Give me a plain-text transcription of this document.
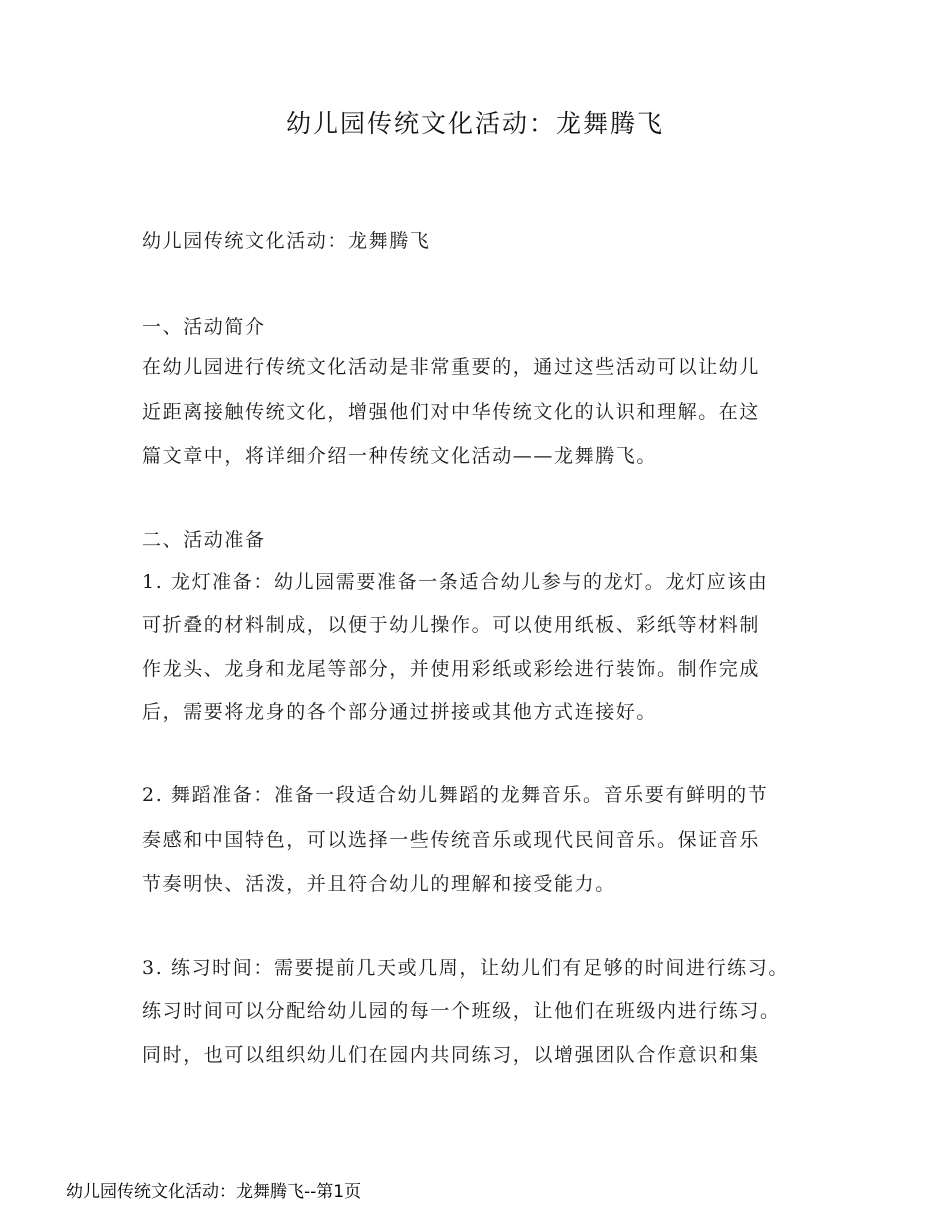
幼儿园传统文化活动：龙舞腾飞
幼儿园传统文化活动：龙舞腾飞
一、活动简介
在幼儿园进行传统文化活动是非常重要的，通过这些活动可以让幼儿
近距离接触传统文化，增强他们对中华传统文化的认识和理解。在这
篇文章中，将详细介绍一种传统文化活动——龙舞腾飞。
二、活动准备
1. 龙灯准备：幼儿园需要准备一条适合幼儿参与的龙灯。龙灯应该由
可折叠的材料制成，以便于幼儿操作。可以使用纸板、彩纸等材料制
作龙头、龙身和龙尾等部分，并使用彩纸或彩绘进行装饰。制作完成
后，需要将龙身的各个部分通过拼接或其他方式连接好。
2. 舞蹈准备：准备一段适合幼儿舞蹈的龙舞音乐。音乐要有鲜明的节
奏感和中国特色，可以选择一些传统音乐或现代民间音乐。保证音乐
节奏明快、活泼，并且符合幼儿的理解和接受能力。
3. 练习时间：需要提前几天或几周，让幼儿们有足够的时间进行练习。
练习时间可以分配给幼儿园的每一个班级，让他们在班级内进行练习。
同时，也可以组织幼儿们在园内共同练习，以增强团队合作意识和集
幼儿园传统文化活动：龙舞腾飞--第1页
